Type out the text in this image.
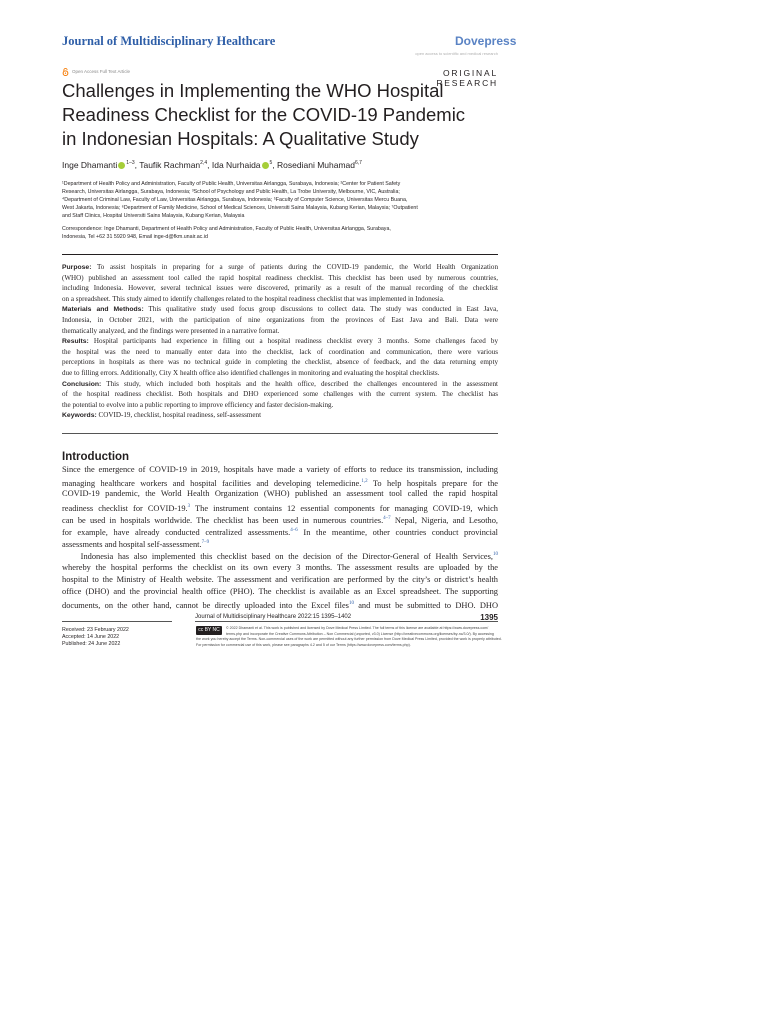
Journal of Multidisciplinary Healthcare	Dovepress
open access to scientific and medical research
Open Access Full Text Article	ORIGINAL RESEARCH
Challenges in Implementing the WHO Hospital
Readiness Checklist for the COVID-19 Pandemic
in Indonesian Hospitals: A Qualitative Study
Inge Dhamanti $^{1-3}$, Taufik Rachman$^{2,4}$, Ida Nurhaida $^5$, Rosediani Muhamad$^{6,7}$
¹Department of Health Policy and Administration, Faculty of Public Health, Universitas Airlangga, Surabaya, Indonesia; ²Center for Patient Safety
Research, Universitas Airlangga, Surabaya, Indonesia; ³School of Psychology and Public Health, La Trobe University, Melbourne, VIC, Australia;
⁴Department of Criminal Law, Faculty of Law, Universitas Airlangga, Surabaya, Indonesia; ⁵Faculty of Computer Science, Universitas Mercu Buana,
West Jakarta, Indonesia; ⁶Department of Family Medicine, School of Medical Sciences, Universiti Sains Malaysia, Kubang Kerian, Malaysia; ⁷Outpatient
and Staff Clinics, Hospital Universiti Sains Malaysia, Kubang Kerian, Malaysia
Correspondence: Inge Dhamanti, Department of Health Policy and Administration, Faculty of Public Health, Universitas Airlangga, Surabaya,
Indonesia, Tel +62 31 5920 948, Email inge-d@fkm.unair.ac.id
Purpose: To assist hospitals in preparing for a surge of patients during the COVID-19 pandemic, the World Health Organization
(WHO) published an assessment tool called the rapid hospital readiness checklist. This checklist has been used by numerous countries,
including Indonesia. However, several technical issues were discovered, primarily as a result of the manual recording of the checklist
on a spreadsheet. This study aimed to identify challenges related to the hospital readiness checklist that was implemented in Indonesia.
Materials and Methods: This qualitative study used focus group discussions to collect data. The study was conducted in East Java,
Indonesia, in October 2021, with the participation of nine organizations from the provinces of East Java and Bali. Data were
thematically analyzed, and the findings were presented in a narrative format.
Results: Hospital participants had experience in filling out a hospital readiness checklist every 3 months. Some challenges faced by
the hospital was the need to manually enter data into the checklist, lack of coordination and communication, there were various
perceptions in hospitals as there was no technical guide in completing the checklist, absence of feedback, and the data returning empty
due to filling errors. Additionally, City X health office also identified challenges in monitoring and evaluating the hospital checklists.
Conclusion: This study, which included both hospitals and the health office, described the challenges encountered in the assessment
of the hospital readiness checklist. Both hospitals and DHO experienced some challenges with the current system. The checklist has
the potential to evolve into a public reporting to improve efficiency and faster decision-making.
Keywords: COVID-19, checklist, hospital readiness, self-assessment
Introduction
Since the emergence of COVID-19 in 2019, hospitals have made a variety of efforts to reduce its transmission, including
managing healthcare workers and hospital facilities and developing telemedicine.$^{1,2}$ To help hospitals prepare for the
COVID-19 pandemic, the World Health Organization (WHO) published an assessment tool called the rapid hospital
readiness checklist for COVID-19.$^3$ The instrument contains 12 essential components for managing COVID-19, which
can be used in hospitals worldwide. The checklist has been used in numerous countries.$^{4-7}$ Nepal, Nigeria, and Lesotho,
for example, have already conducted centralized assessments.$^{4-6}$ In the meantime, other countries conduct provincial
assessments and hospital self-assessment.$^{7-9}$
Indonesia has also implemented this checklist based on the decision of the Director-General of Health Services,$^{10}$
whereby the hospital performs the checklist on its own every 3 months. The assessment results are uploaded by the
hospital to the Ministry of Health website. The assessment and verification are performed by the city’s or district’s health
office (DHO) and the provincial health office (PHO). The checklist is available as an Excel spreadsheet. The supporting
documents, on the other hand, cannot be directly uploaded into the Excel files$^{10}$ and must be submitted to DHO. DHO
Journal of Multidisciplinary Healthcare 2022:15 1395–1402	1395
Received: 23 February 2022
Accepted: 14 June 2022
Published: 24 June 2022
cc BY NC	© 2022 Dhamanti et al. This work is published and licensed by Dove Medical Press Limited. The full terms of this license are available at https://www.dovepress.com/
terms.php and incorporate the Creative Commons Attribution – Non Commercial (unported, v3.0) License (http://creativecommons.org/licenses/by-nc/3.0/). By accessing
the work you hereby accept the Terms. Non-commercial uses of the work are permitted without any further permission from Dove Medical Press Limited, provided the work is properly attributed.
For permission for commercial use of this work, please see paragraphs 4.2 and 5 of our Terms (https://www.dovepress.com/terms.php).
